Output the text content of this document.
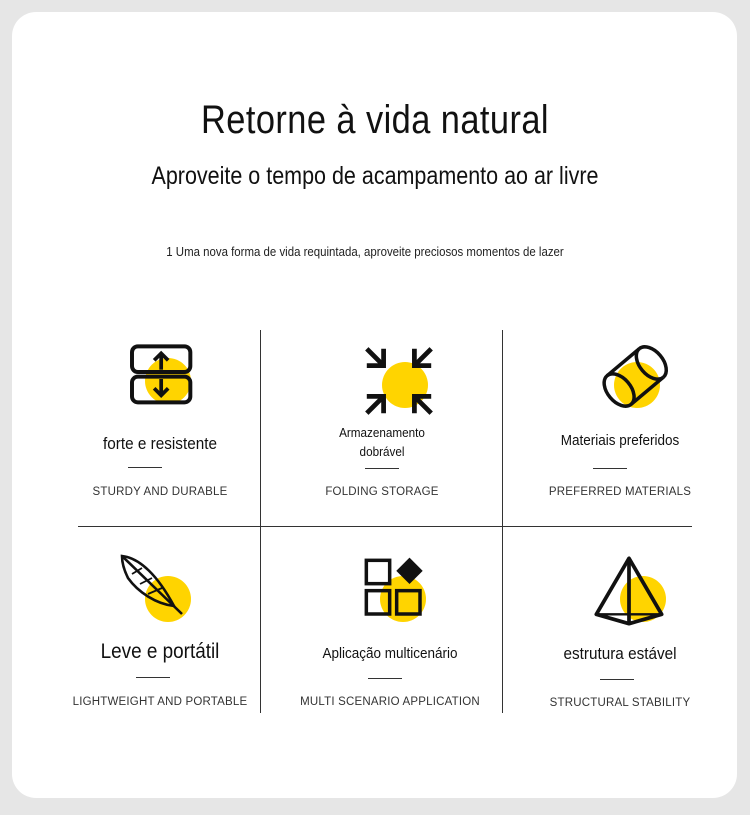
Retorne à vida natural
Aproveite o tempo de acampamento ao ar livre
1 Uma nova forma de vida requintada, aproveite preciosos momentos de lazer
forte e resistente
STURDY AND DURABLE
Armazenamento
dobrável
FOLDING STORAGE
Materiais preferidos
PREFERRED MATERIALS
Leve e portátil
LIGHTWEIGHT AND PORTABLE
Aplicação multicenário
MULTI SCENARIO APPLICATION
estrutura estável
STRUCTURAL STABILITY
